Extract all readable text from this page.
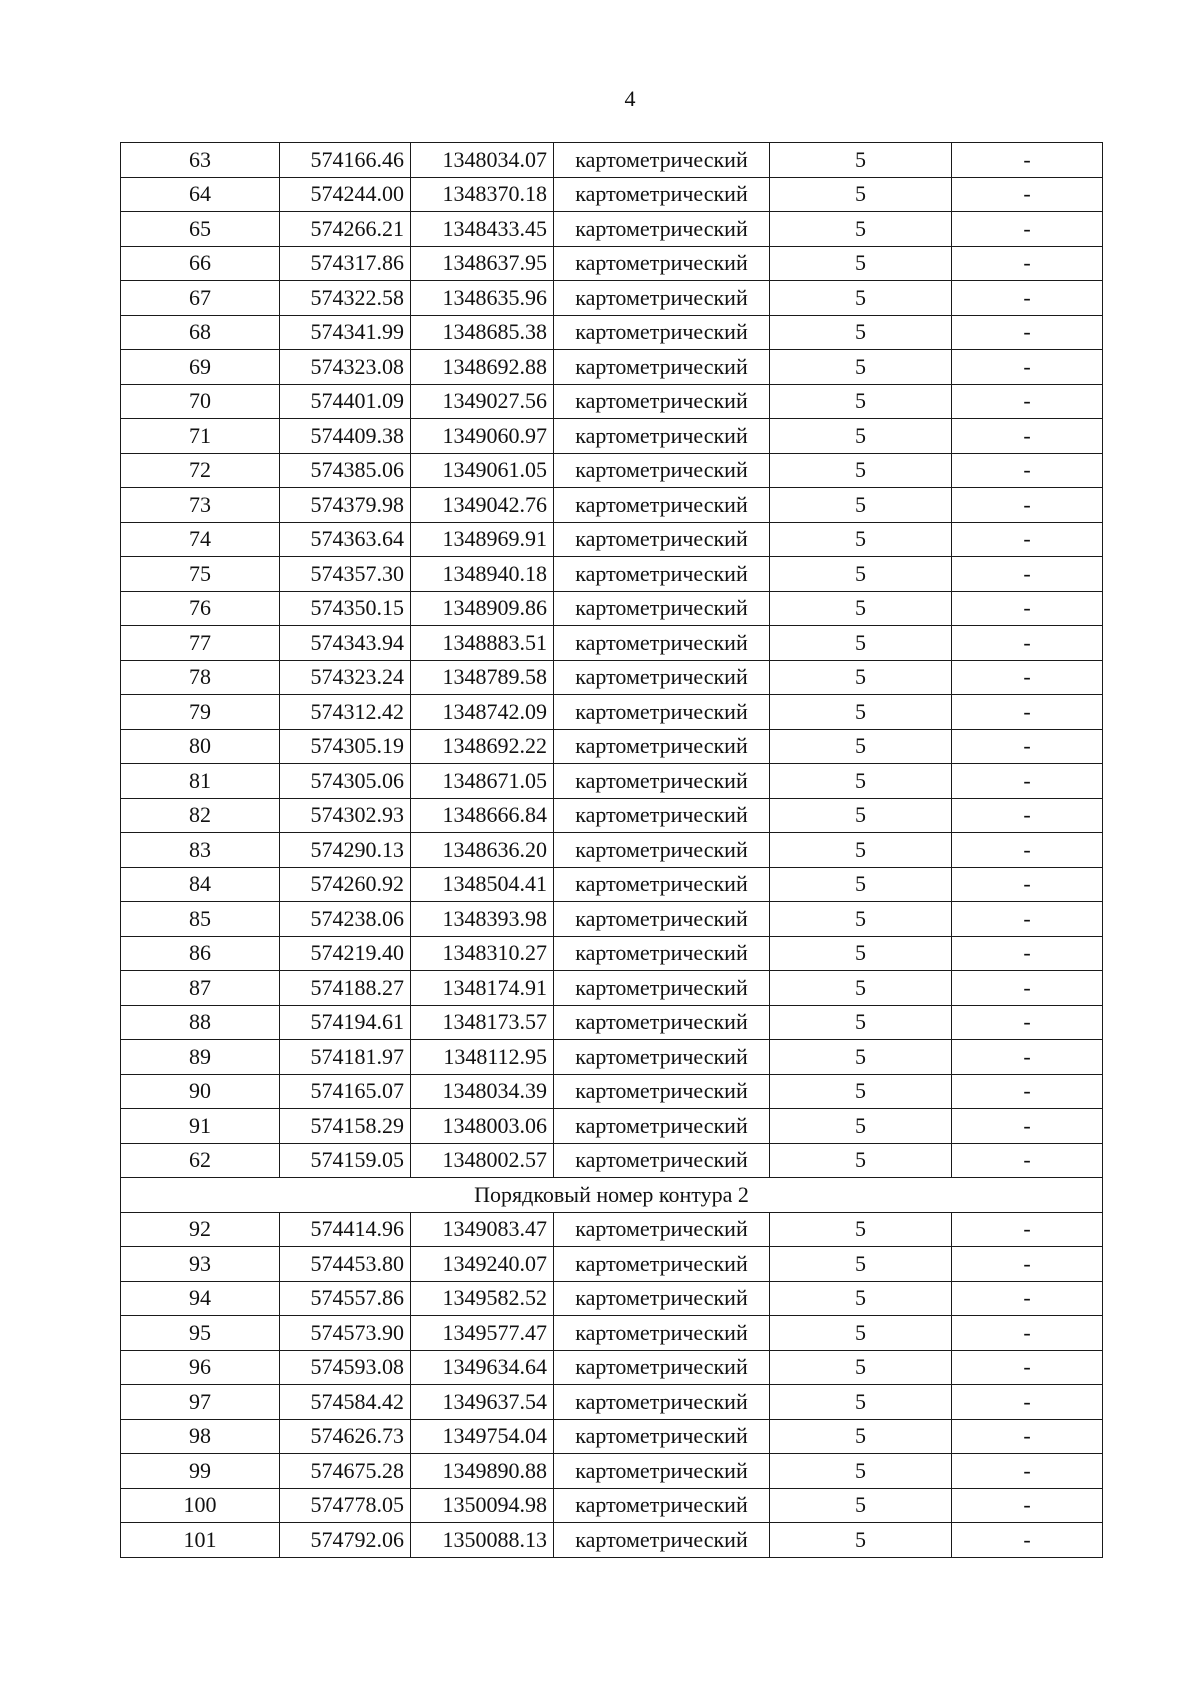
4
63	574166.46	1348034.07	картометрический	5	-
64	574244.00	1348370.18	картометрический	5	-
65	574266.21	1348433.45	картометрический	5	-
66	574317.86	1348637.95	картометрический	5	-
67	574322.58	1348635.96	картометрический	5	-
68	574341.99	1348685.38	картометрический	5	-
69	574323.08	1348692.88	картометрический	5	-
70	574401.09	1349027.56	картометрический	5	-
71	574409.38	1349060.97	картометрический	5	-
72	574385.06	1349061.05	картометрический	5	-
73	574379.98	1349042.76	картометрический	5	-
74	574363.64	1348969.91	картометрический	5	-
75	574357.30	1348940.18	картометрический	5	-
76	574350.15	1348909.86	картометрический	5	-
77	574343.94	1348883.51	картометрический	5	-
78	574323.24	1348789.58	картометрический	5	-
79	574312.42	1348742.09	картометрический	5	-
80	574305.19	1348692.22	картометрический	5	-
81	574305.06	1348671.05	картометрический	5	-
82	574302.93	1348666.84	картометрический	5	-
83	574290.13	1348636.20	картометрический	5	-
84	574260.92	1348504.41	картометрический	5	-
85	574238.06	1348393.98	картометрический	5	-
86	574219.40	1348310.27	картометрический	5	-
87	574188.27	1348174.91	картометрический	5	-
88	574194.61	1348173.57	картометрический	5	-
89	574181.97	1348112.95	картометрический	5	-
90	574165.07	1348034.39	картометрический	5	-
91	574158.29	1348003.06	картометрический	5	-
62	574159.05	1348002.57	картометрический	5	-
Порядковый номер контура 2					
92	574414.96	1349083.47	картометрический	5	-
93	574453.80	1349240.07	картометрический	5	-
94	574557.86	1349582.52	картометрический	5	-
95	574573.90	1349577.47	картометрический	5	-
96	574593.08	1349634.64	картометрический	5	-
97	574584.42	1349637.54	картометрический	5	-
98	574626.73	1349754.04	картометрический	5	-
99	574675.28	1349890.88	картометрический	5	-
100	574778.05	1350094.98	картометрический	5	-
101	574792.06	1350088.13	картометрический	5	-
